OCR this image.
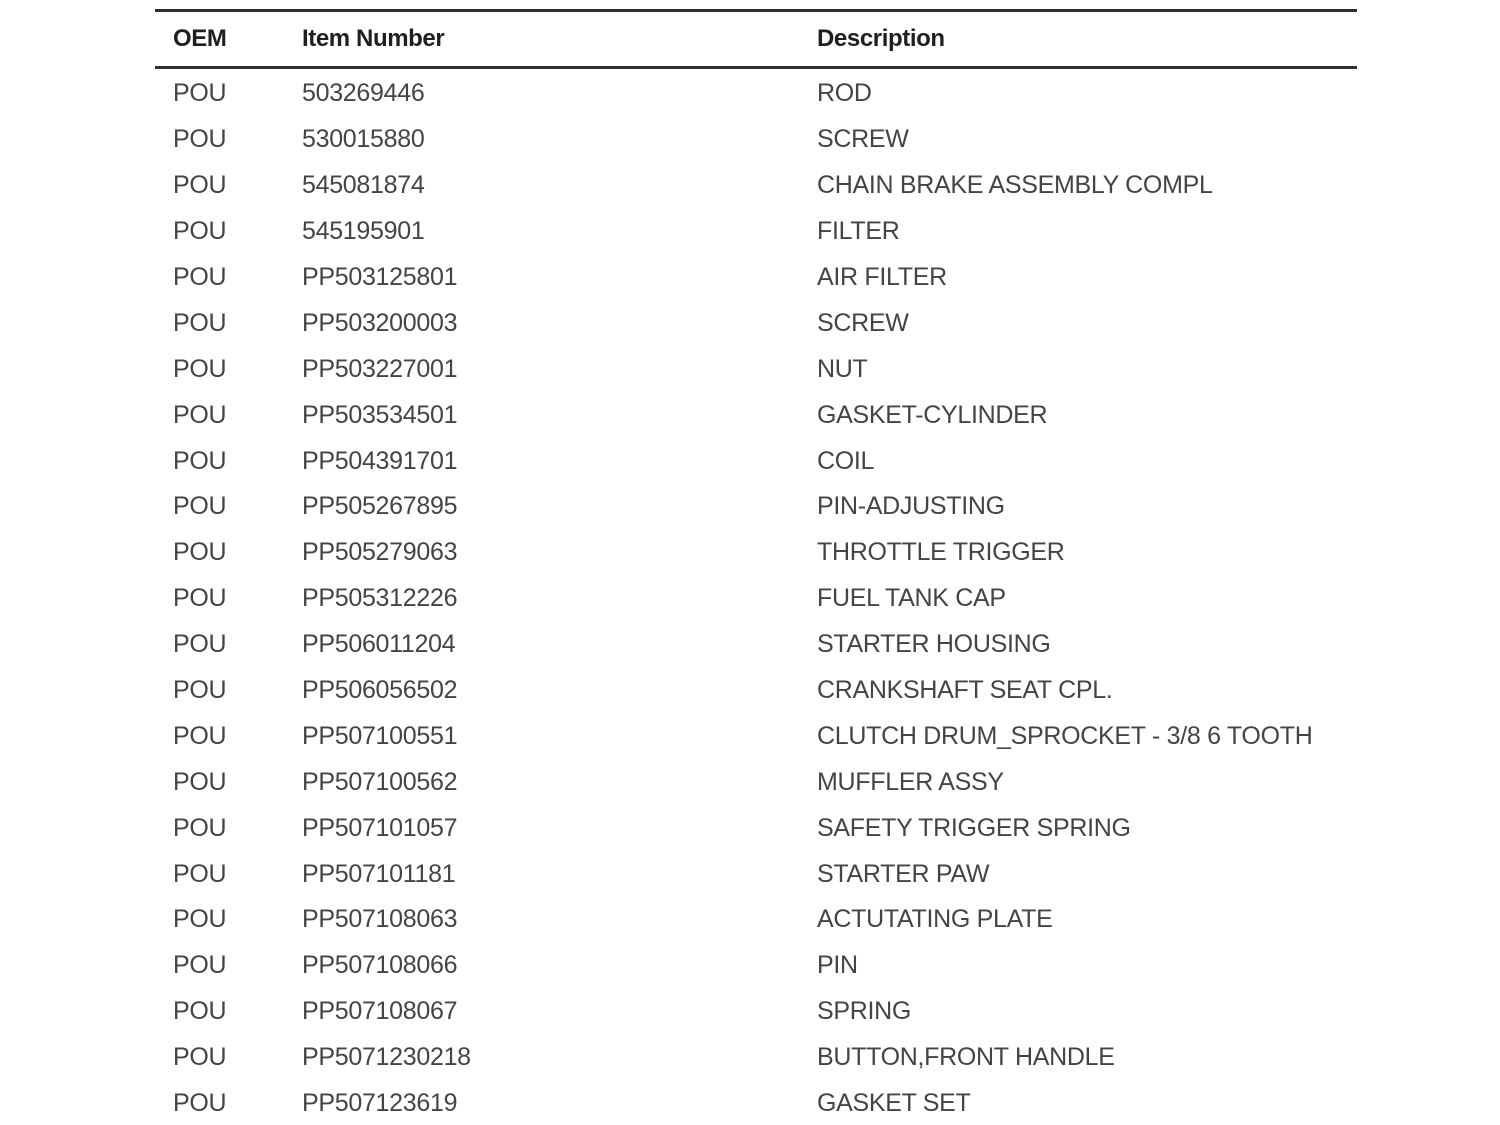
OEM	Item Number	Description
POU	503269446	ROD
POU	530015880	SCREW
POU	545081874	CHAIN BRAKE ASSEMBLY COMPL
POU	545195901	FILTER
POU	PP503125801	AIR FILTER
POU	PP503200003	SCREW
POU	PP503227001	NUT
POU	PP503534501	GASKET-CYLINDER
POU	PP504391701	COIL
POU	PP505267895	PIN-ADJUSTING
POU	PP505279063	THROTTLE TRIGGER
POU	PP505312226	FUEL TANK CAP
POU	PP506011204	STARTER HOUSING
POU	PP506056502	CRANKSHAFT SEAT CPL.
POU	PP507100551	CLUTCH DRUM_SPROCKET - 3/8 6 TOOTH
POU	PP507100562	MUFFLER ASSY
POU	PP507101057	SAFETY TRIGGER SPRING
POU	PP507101181	STARTER PAW
POU	PP507108063	ACTUTATING PLATE
POU	PP507108066	PIN
POU	PP507108067	SPRING
POU	PP5071230218	BUTTON,FRONT HANDLE
POU	PP507123619	GASKET SET
